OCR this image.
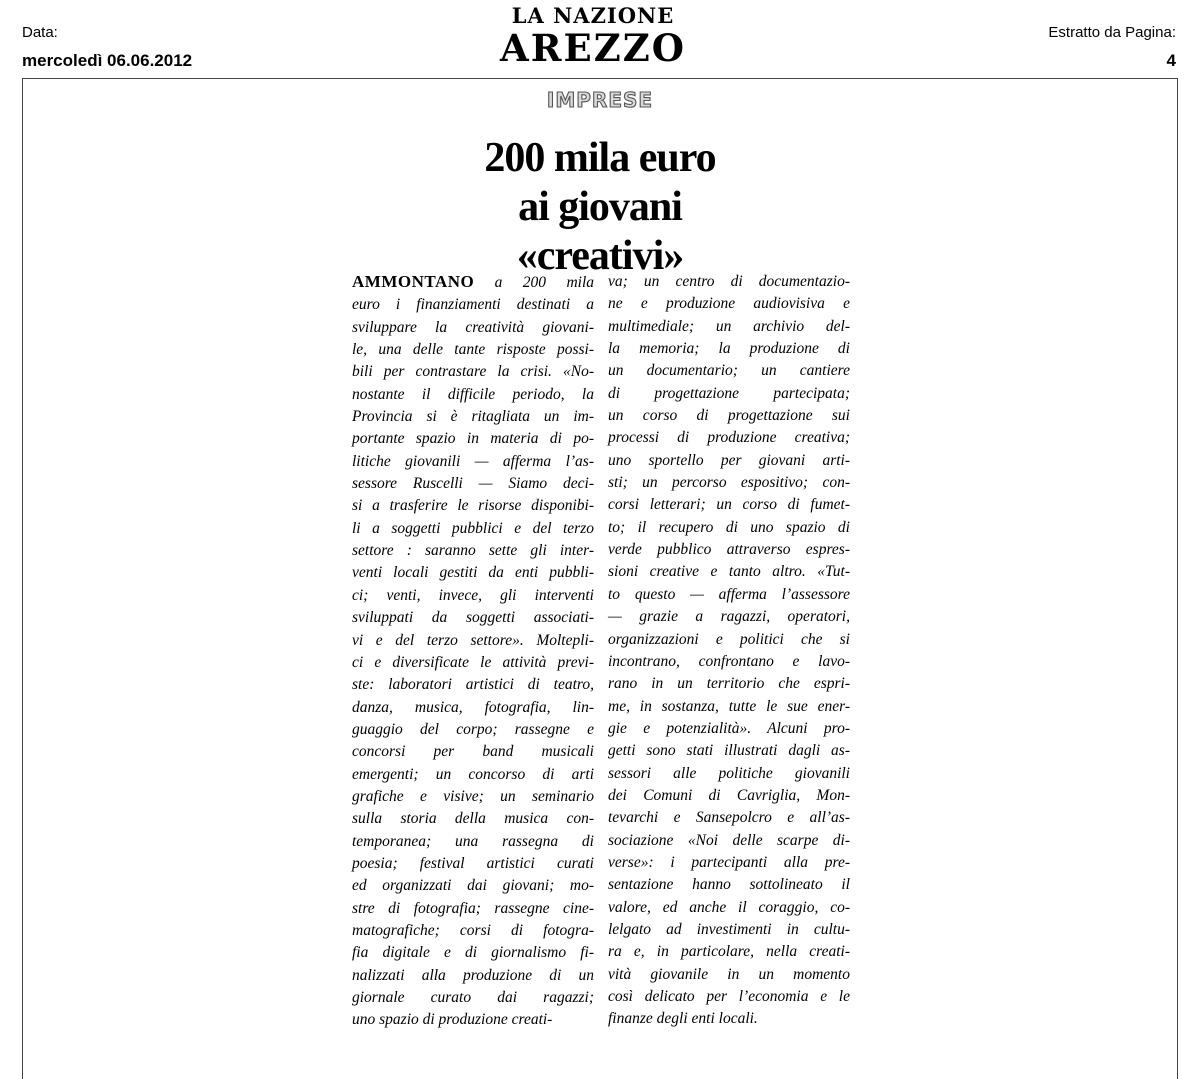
Data:
mercoledì 06.06.2012
LA NAZIONE
AREZZO	Estratto da Pagina:
4
IMPRESE
200 mila euro
ai giovani
«creativi»
AMMONTANO a 200 mila
euro i finanziamenti destinati a
sviluppare la creatività giovani-
le, una delle tante risposte possi-
bili per contrastare la crisi. «No-
nostante il difficile periodo, la
Provincia si è ritagliata un im-
portante spazio in materia di po-
litiche giovanili — afferma l’as-
sessore Ruscelli — Siamo deci-
si a trasferire le risorse disponibi-
li a soggetti pubblici e del terzo
settore : saranno sette gli inter-
venti locali gestiti da enti pubbli-
ci; venti, invece, gli interventi
sviluppati da soggetti associati-
vi e del terzo settore». Moltepli-
ci e diversificate le attività previ-
ste: laboratori artistici di teatro,
danza, musica, fotografia, lin-
guaggio del corpo; rassegne e
concorsi per band musicali
emergenti; un concorso di arti
grafiche e visive; un seminario
sulla storia della musica con-
temporanea; una rassegna di
poesia; festival artistici curati
ed organizzati dai giovani; mo-
stre di fotografia; rassegne cine-
matografiche; corsi di fotogra-
fia digitale e di giornalismo fi-
nalizzati alla produzione di un
giornale curato dai ragazzi;
uno spazio di produzione creati-
va; un centro di documentazio-
ne e produzione audiovisiva e
multimediale; un archivio del-
la memoria; la produzione di
un documentario; un cantiere
di progettazione partecipata;
un corso di progettazione sui
processi di produzione creativa;
uno sportello per giovani arti-
sti; un percorso espositivo; con-
corsi letterari; un corso di fumet-
to; il recupero di uno spazio di
verde pubblico attraverso espres-
sioni creative e tanto altro. «Tut-
to questo — afferma l’assessore
— grazie a ragazzi, operatori,
organizzazioni e politici che si
incontrano, confrontano e lavo-
rano in un territorio che espri-
me, in sostanza, tutte le sue ener-
gie e potenzialità». Alcuni pro-
getti sono stati illustrati dagli as-
sessori alle politiche giovanili
dei Comuni di Cavriglia, Mon-
tevarchi e Sansepolcro e all’as-
sociazione «Noi delle scarpe di-
verse»: i partecipanti alla pre-
sentazione hanno sottolineato il
valore, ed anche il coraggio, co-
lelgato ad investimenti in cultu-
ra e, in particolare, nella creati-
vità giovanile in un momento
così delicato per l’economia e le
finanze degli enti locali.
